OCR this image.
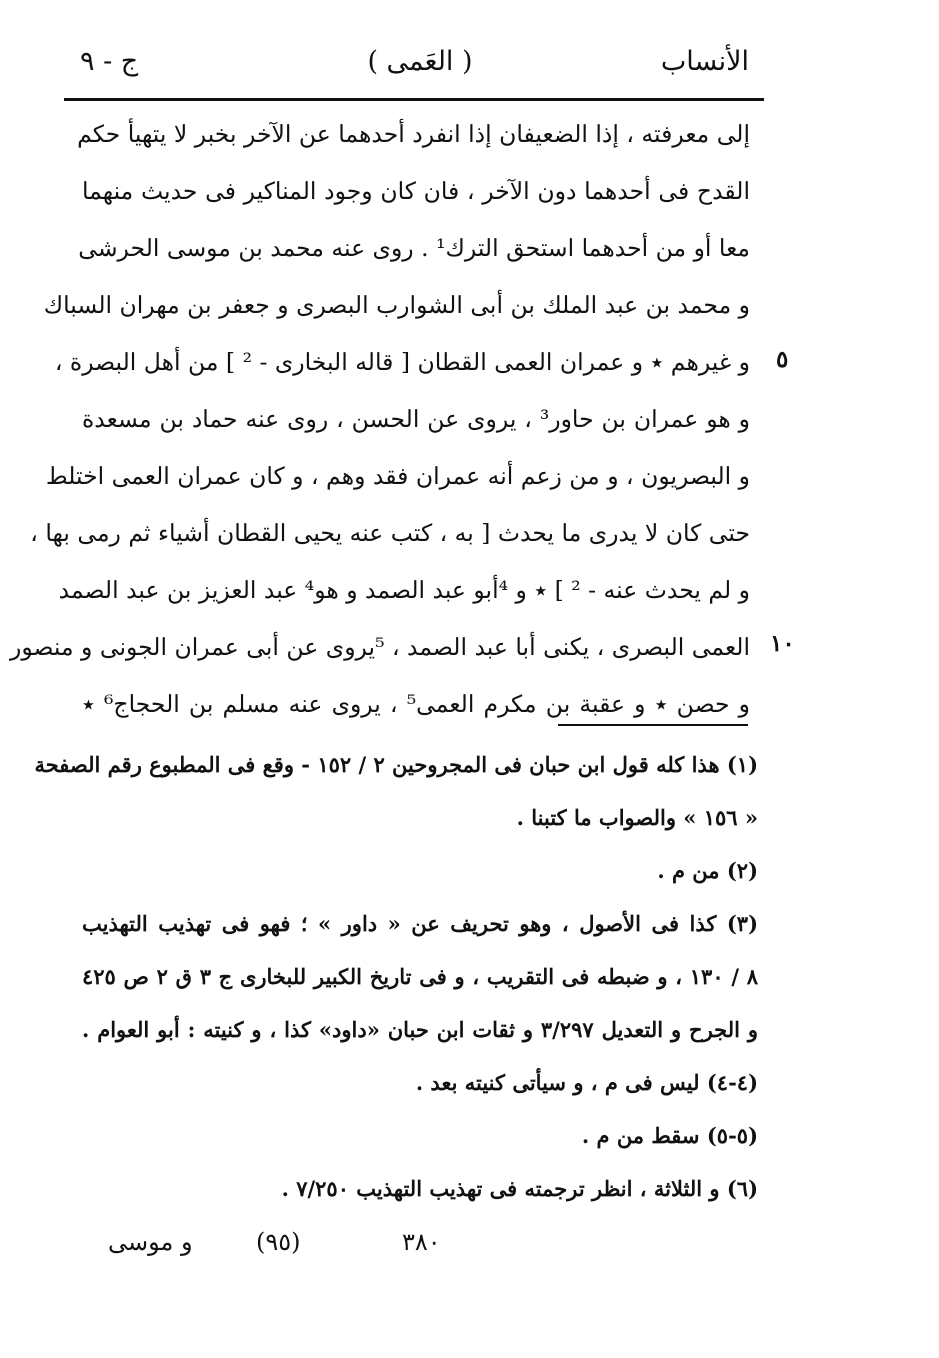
الأنساب
( العَمى )
ج - ٩
إلى معرفته ، إذا الضعيفان إذا انفرد أحدهما عن الآخر بخبر لا يتهيأ حكم
القدح فى أحدهما دون الآخر ، فان كان وجود المناكير فى حديث منهما
معا أو من أحدهما استحق الترك¹ . روى عنه محمد بن موسى الحرشى
و محمد بن عبد الملك بن أبى الشوارب البصرى و جعفر بن مهران السباك
و غيرهم ٭ و عمران العمى القطان [ قاله البخارى - ² ] من أهل البصرة ،
و هو عمران بن حاور³ ، يروى عن الحسن ، روى عنه حماد بن مسعدة
و البصريون ، و من زعم أنه عمران فقد وهم ، و كان عمران العمى اختلط
حتى كان لا يدرى ما يحدث [ به ، كتب عنه يحيى القطان أشياء ثم رمى بها ،
و لم يحدث عنه - ² ] ٭ و ⁴أبو عبد الصمد و هو⁴ عبد العزيز بن عبد الصمد
العمى البصرى ، يكنى أبا عبد الصمد ، ⁵يروى عن أبى عمران الجونى و منصور
و حصن ٭ و عقبة بن مكرم العمى⁵ ، يروى عنه مسلم بن الحجاج⁶ ٭
٥
١٠
(١) هذا كله قول ابن حبان فى المجروحين ٢ / ١٥٢ - وقع فى المطبوع رقم الصفحة
« ١٥٦ » والصواب ما كتبنا .
(٢) من م .
(٣) كذا فى الأصول ، وهو تحريف عن « داور » ؛ فهو فى تهذيب التهذيب
٨ / ١٣٠ ، و ضبطه فى التقريب ، و فى تاريخ الكبير للبخارى ج ٣ ق ٢ ص ٤٢٥
و الجرح و التعديل ٣/٢٩٧ و ثقات ابن حبان «داود» كذا ، و كنيته : أبو العوام .
(٤-٤) ليس فى م ، و سيأتى كنيته بعد .
(٥-٥) سقط من م .
(٦) و الثلاثة ، انظر ترجمته فى تهذيب التهذيب ٧/٢٥٠ .
٣٨٠
(٩٥)
و موسى
